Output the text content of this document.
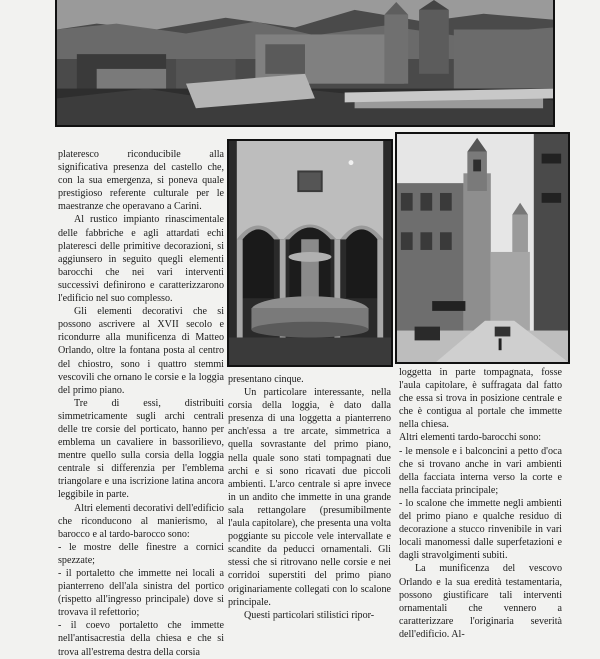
plateresco riconducibile alla significativa presenza del castello che, con la sua emergenza, si poneva quale prestigioso referente culturale per le maestranze che operavano a Carini.

Al rustico impianto rinascimentale delle fabbriche e agli attardati echi plateresci delle primitive decorazioni, si aggiunsero in seguito quegli elementi barocchi che nei vari interventi successivi definirono e caratterizzarono l'edificio nel suo complesso.

Gli elementi decorativi che si possono ascrivere al XVII secolo e ricondurre alla munificenza di Matteo Orlando, oltre la fontana posta al centro del chiostro, sono i quattro stemmi vescovili che ornano le corsie e la loggia del primo piano.

Tre di essi, distribuiti simmetricamente sugli archi centrali delle tre corsie del porticato, hanno per emblema un cavaliere in bassorilievo, mentre quello sulla corsia della loggia centrale si differenzia per l'emblema triangolare e una iscrizione latina ancora leggibile in parte.

Altri elementi decorativi dell'edificio che riconducono al manierismo, al barocco e al tardo-barocco sono:

- le mostre delle finestre a cornici spezzate;

- il portaletto che immette nei locali a pianterreno dell'ala sinistra del portico (rispetto all'ingresso principale) dove si trovava il refettorio;

- il coevo portaletto che immette nell'antisacrestia della chiesa e che si trova all'estrema destra della corsia

presentano cinque.

Un particolare interessante, nella corsia della loggia, è dato dalla presenza di una loggetta a pianterreno anch'essa a tre arcate, simmetrica a quella sovrastante del primo piano, nella quale sono stati tompagnati due archi e si sono ricavati due piccoli ambienti. L'arco centrale si apre invece in un andito che immette in una grande sala rettangolare (presumibilmente l'aula capitolare), che presenta una volta poggiante su piccole vele intervallate e scandite da peducci ornamentali. Gli stessi che si ritrovano nelle corsie e nei corridoi superstiti del primo piano originariamente collegati con lo scalone principale.

Questi particolari stilistici ripor-

loggetta in parte tompagnata, fosse l'aula capitolare, è suffragata dal fatto che essa si trova in posizione centrale e che è contigua al portale che immette nella chiesa.

Altri elementi tardo-barocchi sono:

- le mensole e i balconcini a petto d'oca che si trovano anche in vari ambienti della facciata interna verso la corte e nella facciata principale;

- lo scalone che immette negli ambienti del primo piano e qualche residuo di decorazione a stucco rinvenibile in vari locali manomessi dalle superfetazioni e dagli stravolgimenti subiti.

La munificenza del vescovo Orlando e la sua eredità testamentaria, possono giustificare tali interventi ornamentali che vennero a caratterizzare l'originaria severità dell'edificio. Al-
